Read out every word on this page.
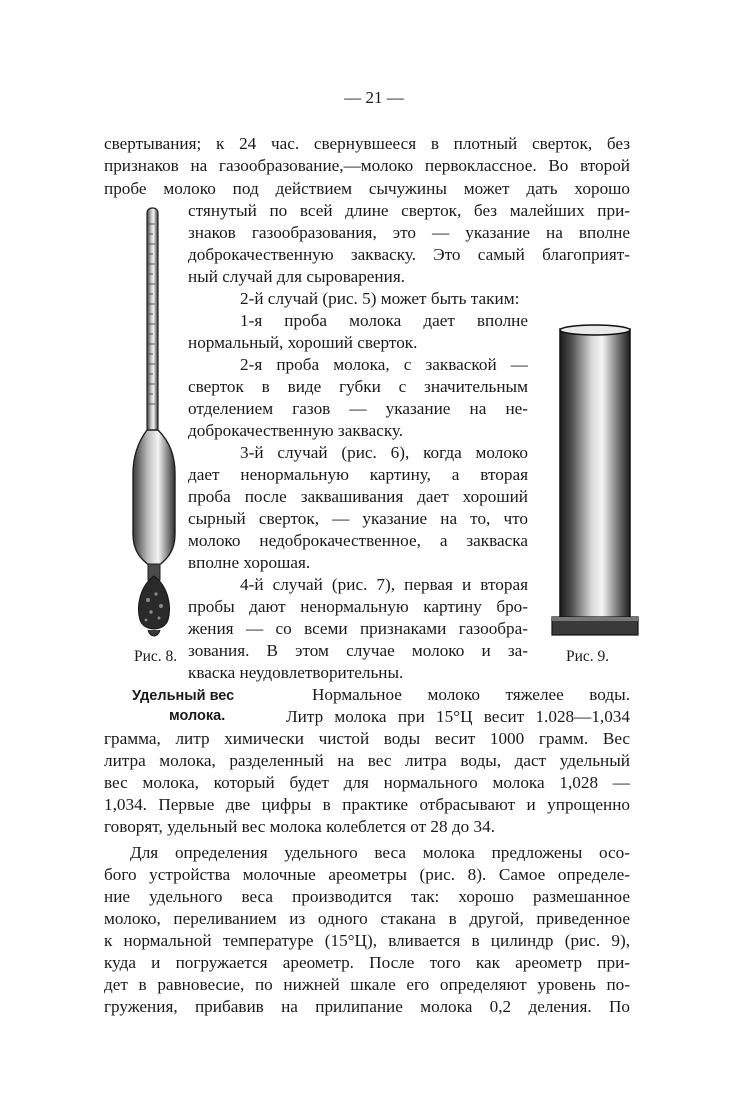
— 21 —
свертывания; к 24 час. свернувшееся в плотный сверток, без
признаков на газообразование,—молоко первоклассное. Во второй
пробе молоко под действием сычужины может дать хорошо
стянутый по всей длине сверток, без малейших при-
знаков газообразования, это — указание на вполне
доброкачественную закваску. Это самый благоприят-
ный случай для сыроварения.
2-й случай (рис. 5) может быть таким:
1-я проба молока дает вполне
нормальный, хороший сверток.
2-я проба молока, с закваской —
сверток в виде губки с значительным
отделением газов — указание на не-
доброкачественную закваску.
3-й случай (рис. 6), когда молоко
дает ненормальную картину, а вторая
проба после заквашивания дает хороший
сырный сверток, — указание на то, что
молоко недоброкачественное, а закваска
вполне хорошая.
4-й случай (рис. 7), первая и вторая
пробы дают ненормальную картину бро-
жения — со всеми признаками газообра-
зования. В этом случае молоко и за-
кваска неудовлетворительны.
Нормальное молоко тяжелее воды.
Литр молока при 15°Ц весит 1.028—1,034
грамма, литр химически чистой воды весит 1000 грамм. Вес
литра молока, разделенный на вес литра воды, даст удельный
вес молока, который будет для нормального молока 1,028 —
1,034. Первые две цифры в практике отбрасывают и упрощенно
говорят, удельный вес молока колеблется от 28 до 34.
Для определения удельного веса молока предложены осо-
бого устройства молочные ареометры (рис. 8). Самое определе-
ние удельного веса производится так: хорошо размешанное
молоко, переливанием из одного стакана в другой, приведенное
к нормальной температуре (15°Ц), вливается в цилиндр (рис. 9),
куда и погружается ареометр. После того как ареометр при-
дет в равновесие, по нижней шкале его определяют уровень по-
гружения, прибавив на прилипание молока 0,2 деления. По
Удельный вес
молока.
Рис. 8.	Рис. 9.
